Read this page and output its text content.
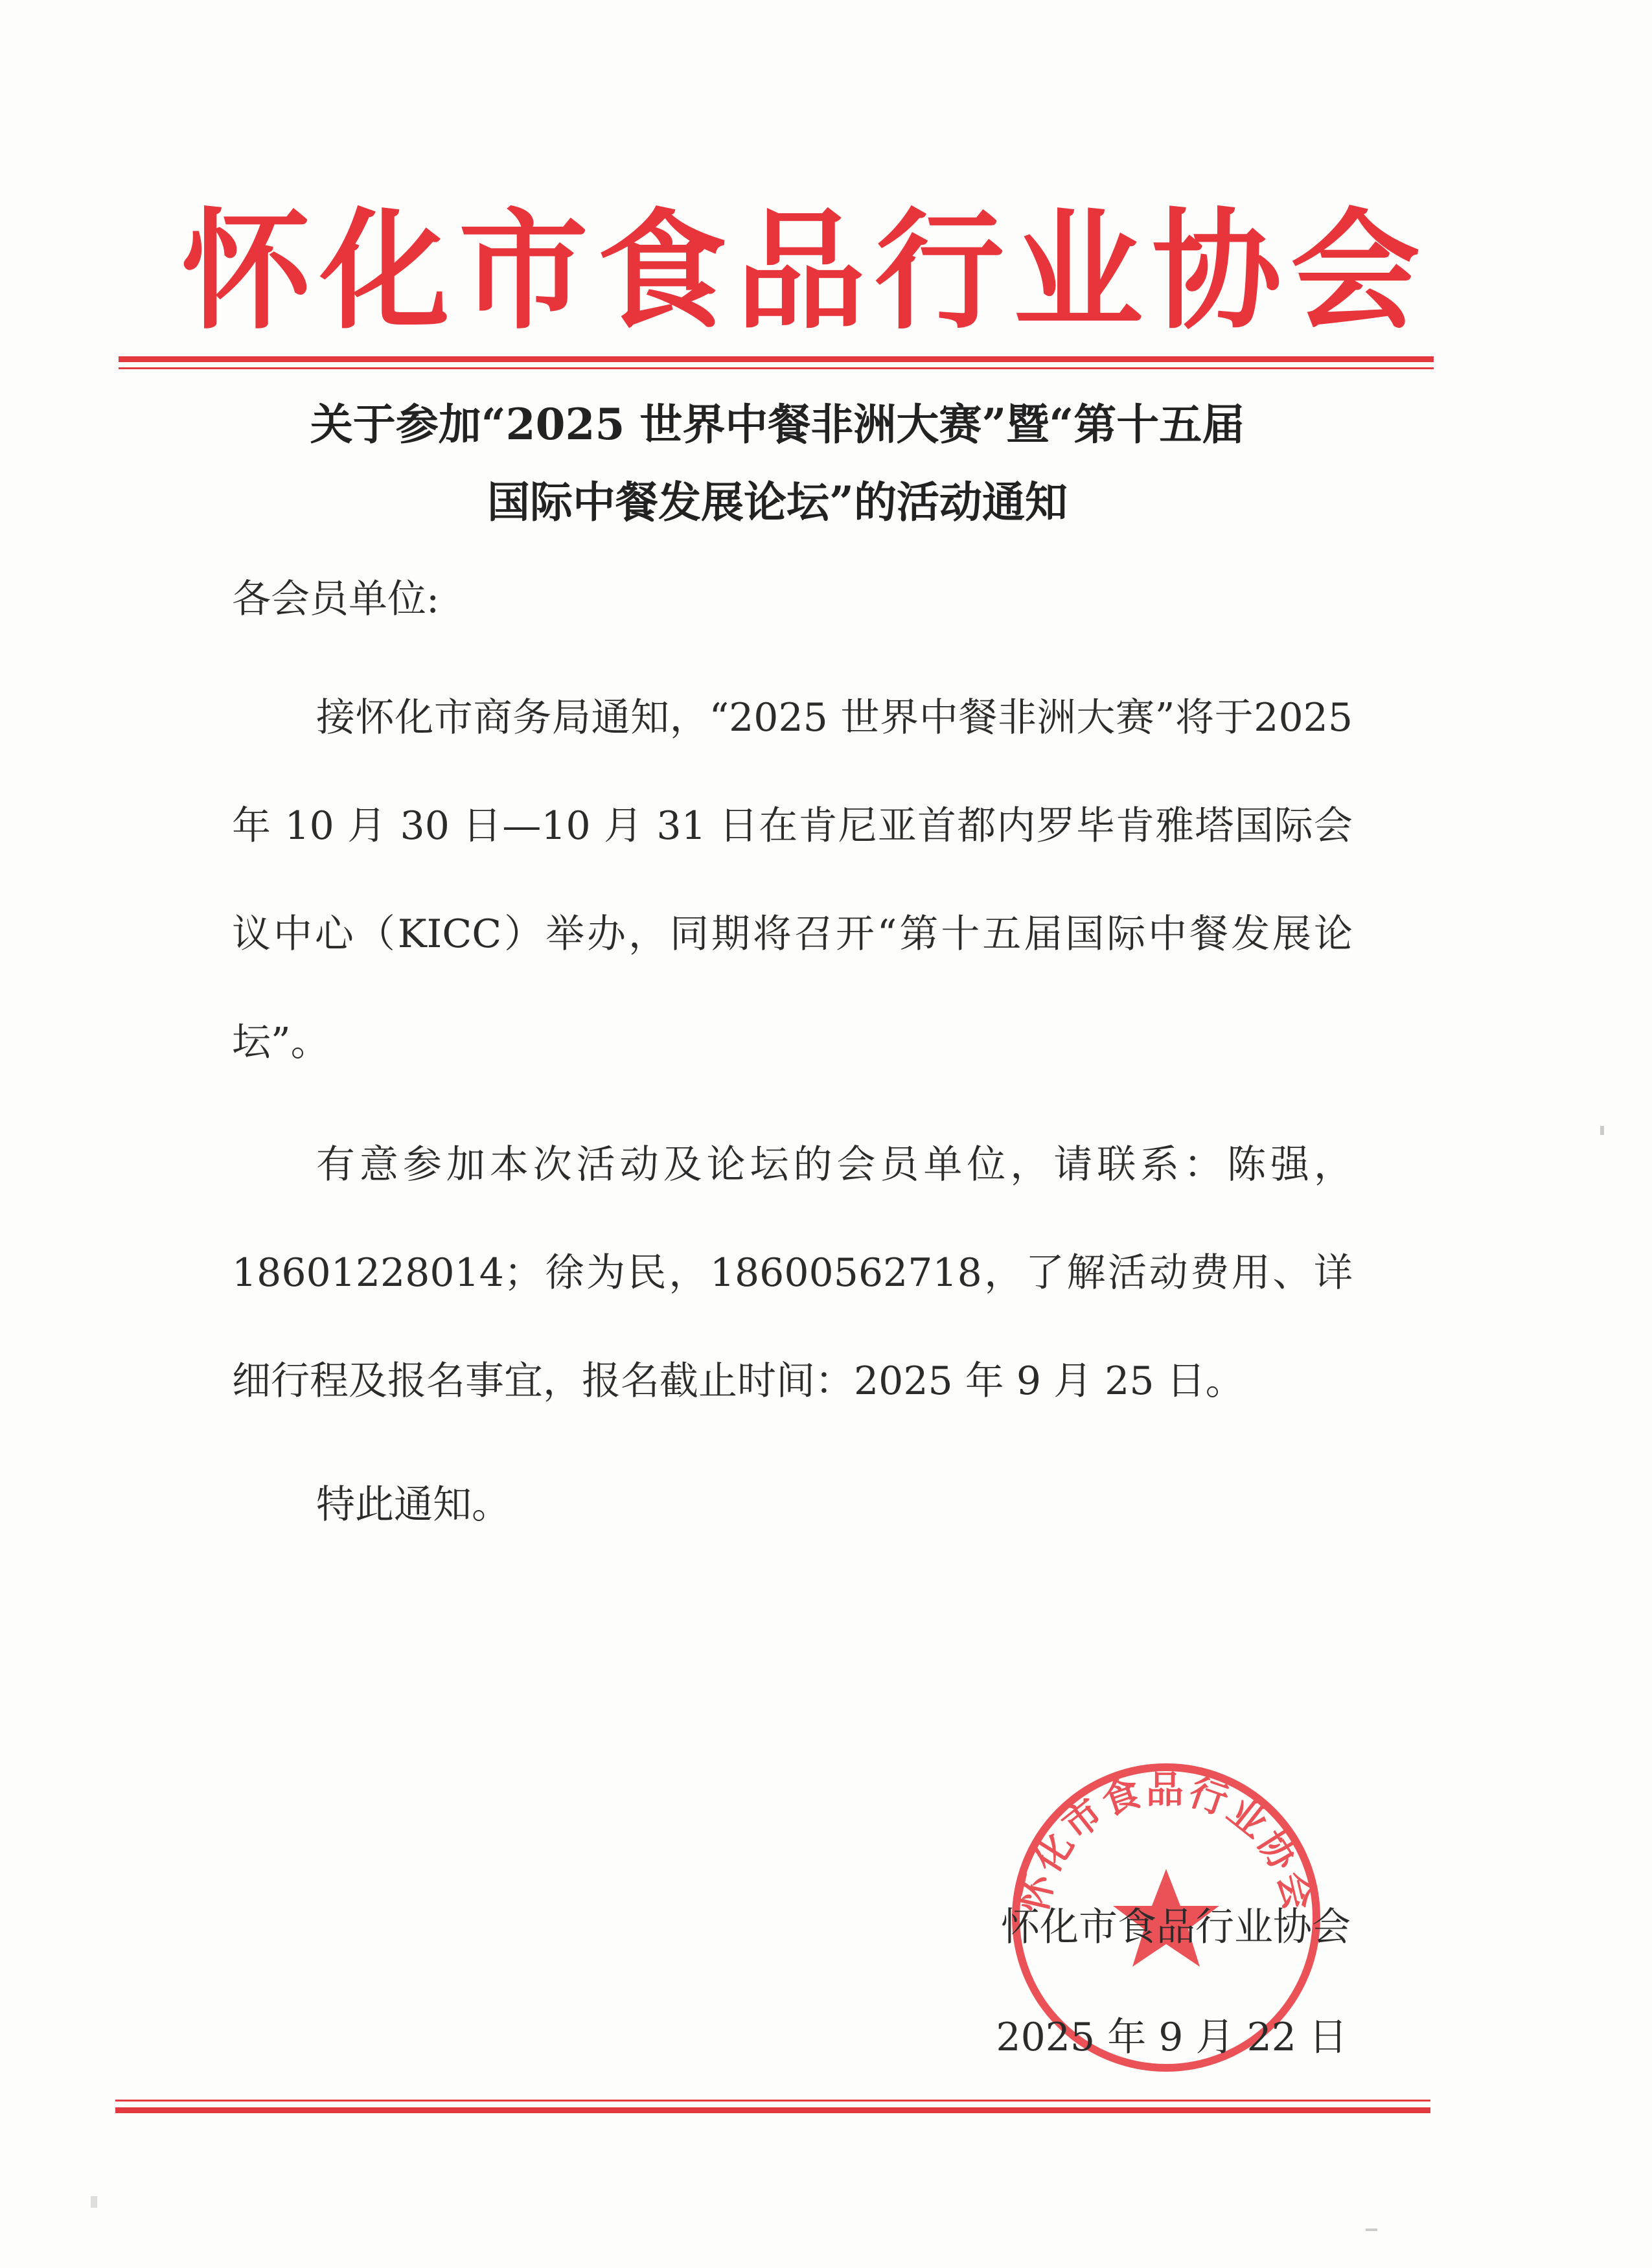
怀化市食品行业协会
关于参加“2025 世界中餐非洲大赛”暨“第十五届
国际中餐发展论坛”的活动通知
各会员单位:
接怀化市商务局通知，“2025 世界中餐非洲大赛”将于2025 年 10 月 30 日—10 月 31 日在肯尼亚首都内罗毕肯雅塔国际会议中心（KICC）举办，同期将召开“第十五届国际中餐发展论坛”。
有意参加本次活动及论坛的会员单位，请联系：陈强，18601228014；徐为民，18600562718，了解活动费用、详细行程及报名事宜，报名截止时间：2025 年 9 月 25 日。
特此通知。
怀化市食品行业协会
怀化市食品行业协会
2025 年 9 月 22 日
